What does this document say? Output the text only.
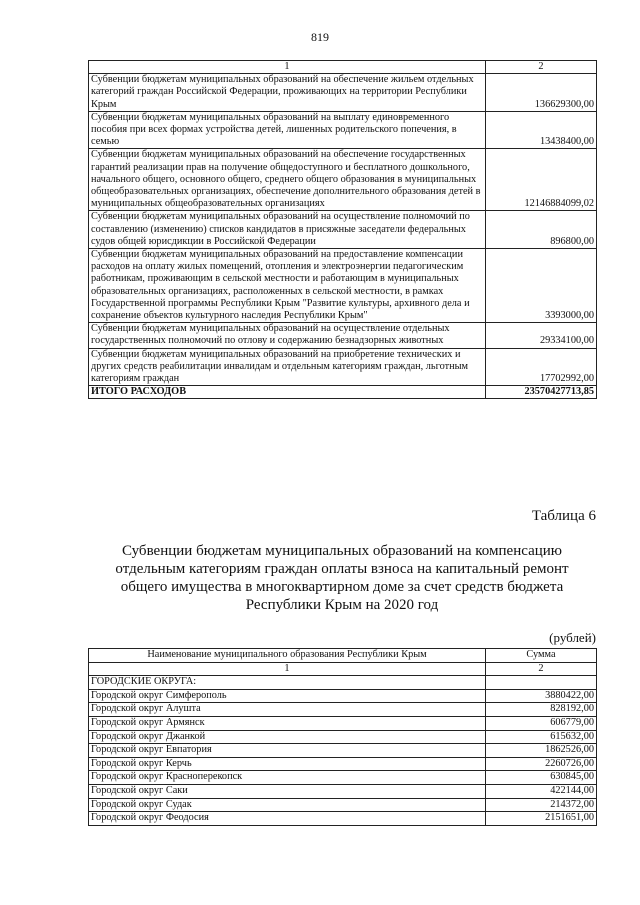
819
1	2
Субвенции бюджетам муниципальных образований на обеспечение жильем отдельных категорий граждан Российской Федерации, проживающих на территории Республики Крым	136629300,00
Субвенции бюджетам муниципальных образований на выплату единовременного пособия при всех формах устройства детей, лишенных родительского попечения, в семью	13438400,00
Субвенции бюджетам муниципальных образований на обеспечение государственных гарантий реализации прав на получение общедоступного и бесплатного дошкольного, начального общего, основного общего, среднего общего образования в муниципальных общеобразовательных организациях, обеспечение дополнительного образования детей в муниципальных общеобразовательных организациях	12146884099,02
Субвенции бюджетам муниципальных образований на осуществление полномочий по составлению (изменению) списков кандидатов в присяжные заседатели федеральных судов общей юрисдикции в Российской Федерации	896800,00
Субвенции бюджетам муниципальных образований на предоставление компенсации расходов на оплату жилых помещений, отопления и электроэнергии педагогическим работникам, проживающим в сельской местности и работающим в муниципальных образовательных организациях, расположенных в сельской местности, в рамках Государственной программы Республики Крым "Развитие культуры, архивного дела и сохранение объектов культурного наследия Республики Крым"	3393000,00
Субвенции бюджетам муниципальных образований на осуществление отдельных государственных полномочий по отлову и содержанию безнадзорных животных	29334100,00
Субвенции бюджетам муниципальных образований на приобретение технических и других средств реабилитации инвалидам и отдельным категориям граждан, льготным категориям граждан	17702992,00
ИТОГО РАСХОДОВ	23570427713,85
Таблица 6
Субвенции бюджетам муниципальных образований на компенсацию отдельным категориям граждан оплаты взноса на капитальный ремонт общего имущества в многоквартирном доме за счет средств бюджета Республики Крым на 2020 год
(рублей)
Наименование муниципального образования Республики Крым	Сумма
1	2
ГОРОДСКИЕ ОКРУГА:	
Городской округ Симферополь	3880422,00
Городской округ Алушта	828192,00
Городской округ Армянск	606779,00
Городской округ Джанкой	615632,00
Городской округ Евпатория	1862526,00
Городской округ Керчь	2260726,00
Городской округ Красноперекопск	630845,00
Городской округ Саки	422144,00
Городской округ Судак	214372,00
Городской округ Феодосия	2151651,00
